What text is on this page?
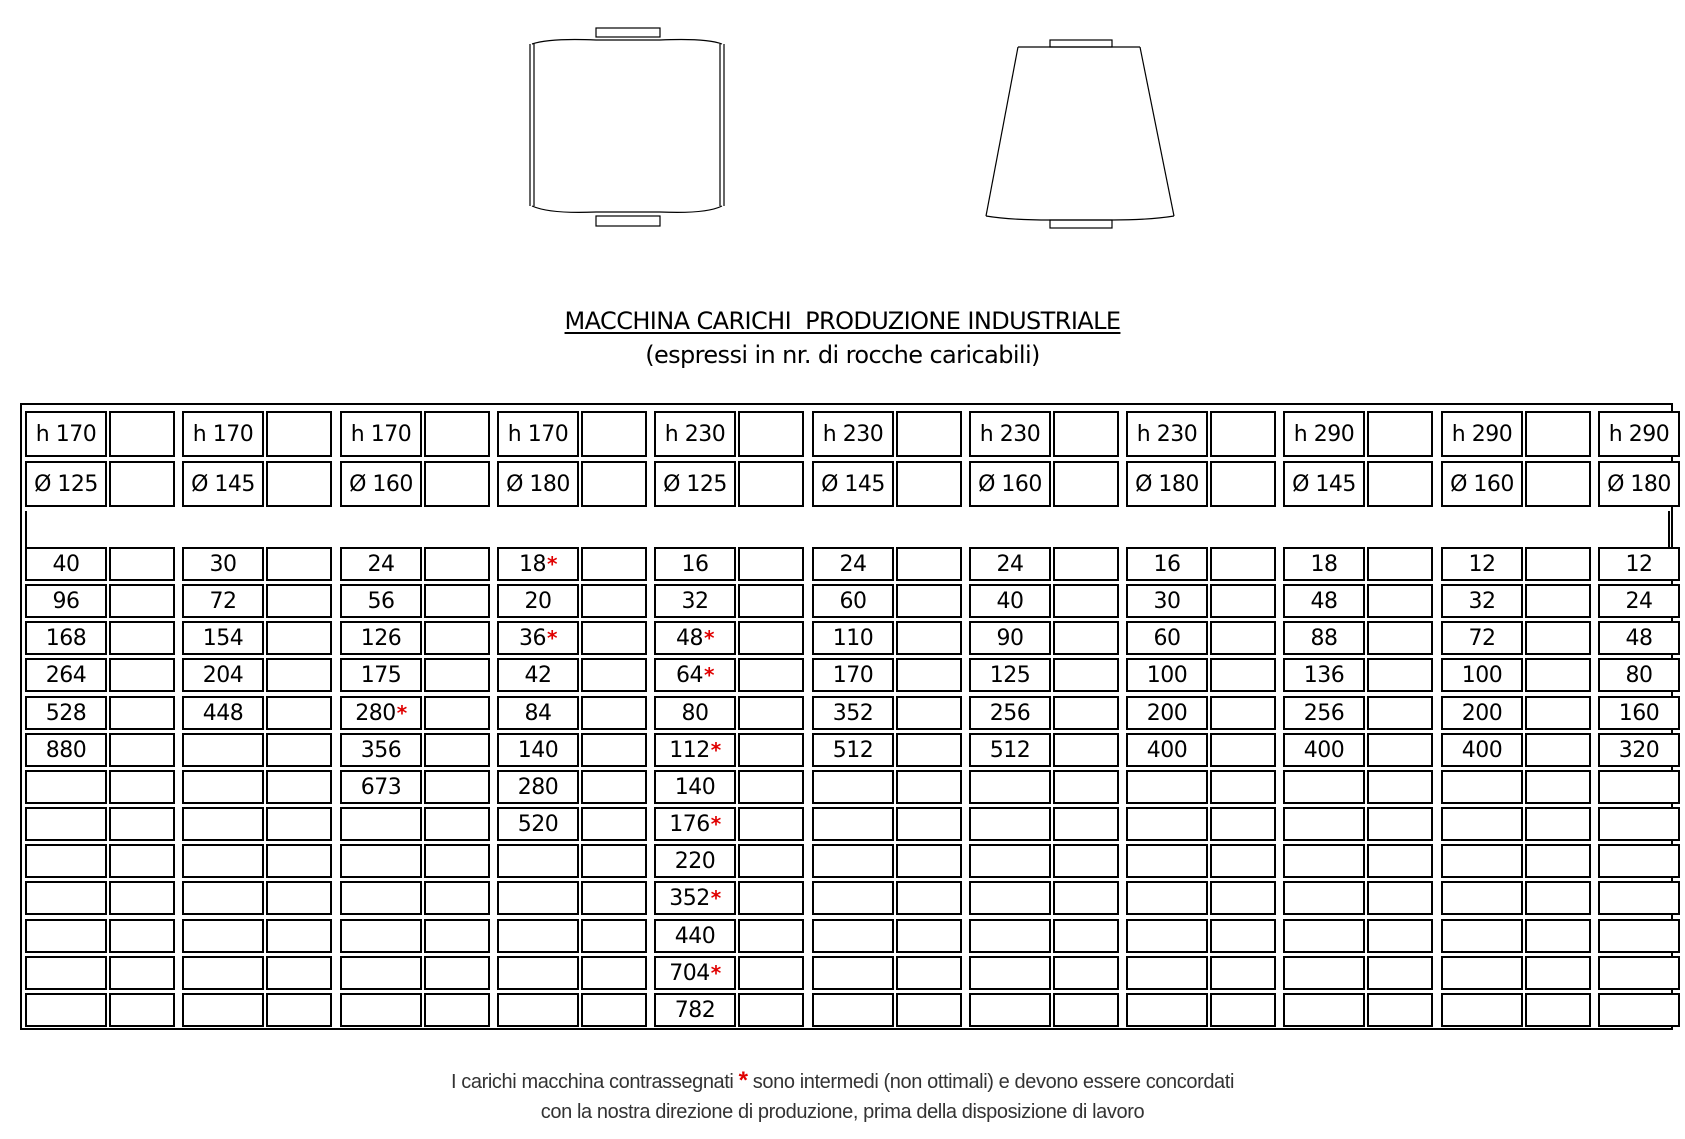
MACCHINA CARICHI  PRODUZIONE INDUSTRIALE
(espressi in nr. di rocche caricabili)
h 170
Ø 125
40
96
168
264
528
880
h 170
Ø 145
30
72
154
204
448
h 170
Ø 160
24
56
126
175
280 *
356
673
h 170
Ø 180
18 *
20
36 *
42
84
140
280
520
h 230
Ø 125
16
32
48 *
64 *
80
112 *
140
176 *
220
352 *
440
704 *
782
h 230
Ø 145
24
60
110
170
352
512
h 230
Ø 160
24
40
90
125
256
512
h 230
Ø 180
16
30
60
100
200
400
h 290
Ø 145
18
48
88
136
256
400
h 290
Ø 160
12
32
72
100
200
400
h 290
Ø 180
12
24
48
80
160
320
I carichi macchina contrassegnati * sono intermedi (non ottimali) e devono essere concordati
con la nostra direzione di produzione, prima della disposizione di lavoro
